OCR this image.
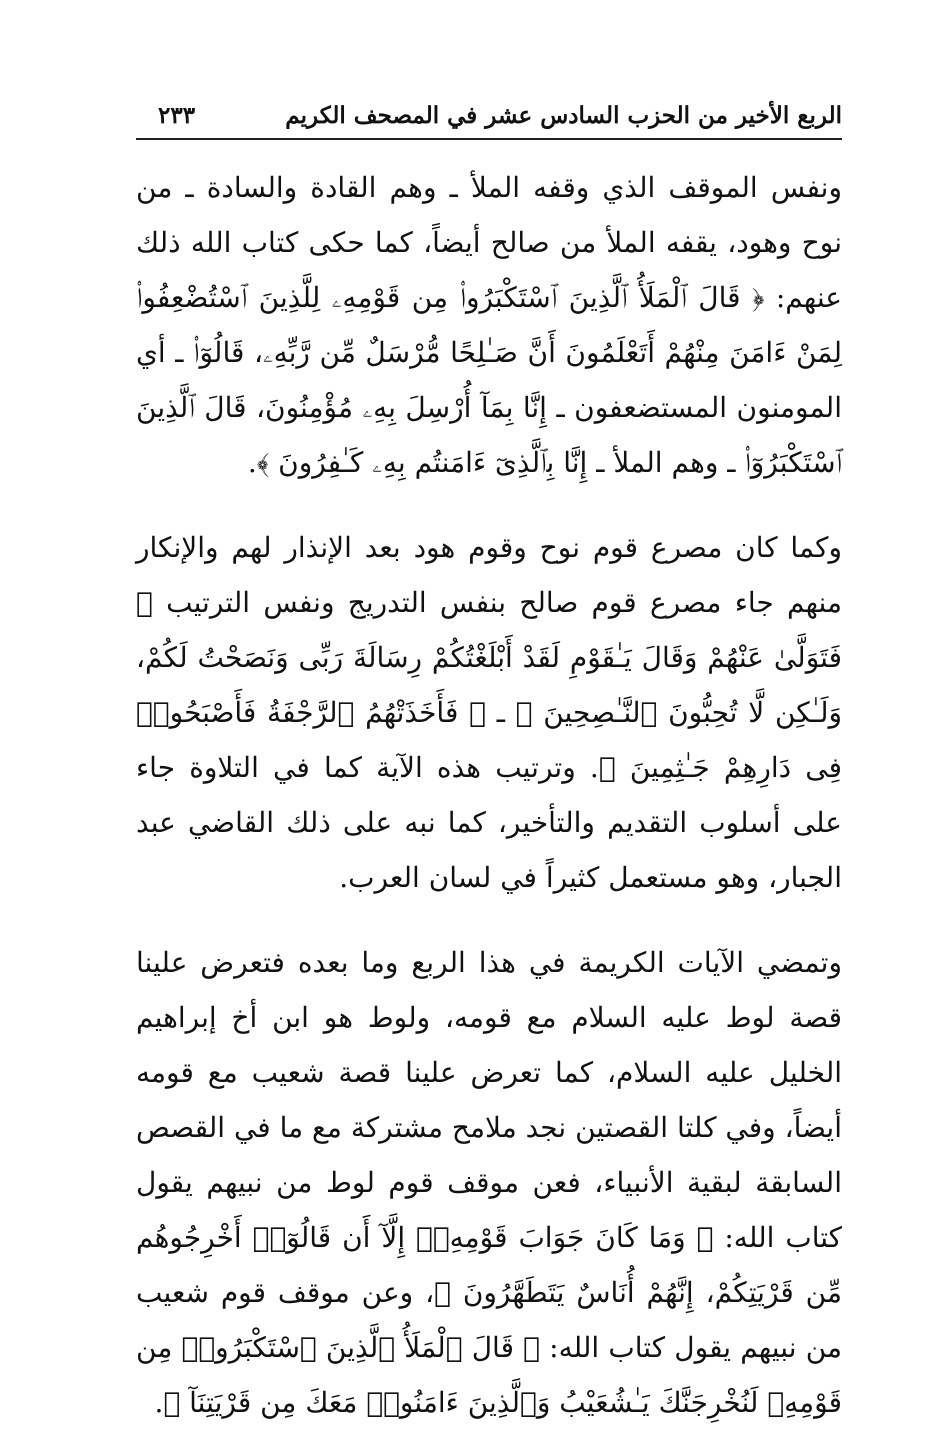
الربع الأخير من الحزب السادس عشر في المصحف الكريم
٢٣٣

ونفس الموقف الذي وقفه الملأ ـ وهم القادة والسادة ـ من نوح وهود، يقفه الملأ من صالح أيضاً، كما حكى كتاب الله ذلك عنهم: ﴿ قَالَ ٱلْمَلَأُ ٱلَّذِينَ ٱسْتَكْبَرُوا۟ مِن قَوْمِهِۦ لِلَّذِينَ ٱسْتُضْعِفُوا۟ لِمَنْ ءَامَنَ مِنْهُمْ أَتَعْلَمُونَ أَنَّ صَـٰلِحًا مُّرْسَلٌ مِّن رَّبِّهِۦ، قَالُوٓا۟ ـ أي المومنون المستضعفون ـ إِنَّا بِمَآ أُرْسِلَ بِهِۦ مُؤْمِنُونَ، قَالَ ٱلَّذِينَ ٱسْتَكْبَرُوٓا۟ ـ وهم الملأ ـ إِنَّا بِٱلَّذِىٓ ءَامَنتُم بِهِۦ كَـٰفِرُونَ ﴾.

وكما كان مصرع قوم نوح وقوم هود بعد الإنذار لهم والإنكار منهم جاء مصرع قوم صالح بنفس التدريج ونفس الترتيب ﴿ فَتَوَلَّىٰ عَنْهُمْ وَقَالَ يَـٰقَوْمِ لَقَدْ أَبْلَغْتُكُمْ رِسَالَةَ رَبِّى وَنَصَحْتُ لَكُمْ، وَلَـٰكِن لَّا تُحِبُّونَ ٱلنَّـٰصِحِينَ ﴾ ـ ﴿ فَأَخَذَتْهُمُ ٱلرَّجْفَةُ فَأَصْبَحُوا۟ فِى دَارِهِمْ جَـٰثِمِينَ ﴾. وترتيب هذه الآية كما في التلاوة جاء على أسلوب التقديم والتأخير، كما نبه على ذلك القاضي عبد الجبار، وهو مستعمل كثيراً في لسان العرب.

وتمضي الآيات الكريمة في هذا الربع وما بعده فتعرض علينا قصة لوط عليه السلام مع قومه، ولوط هو ابن أخ إبراهيم الخليل عليه السلام، كما تعرض علينا قصة شعيب مع قومه أيضاً، وفي كلتا القصتين نجد ملامح مشتركة مع ما في القصص السابقة لبقية الأنبياء، فعن موقف قوم لوط من نبيهم يقول كتاب الله: ﴿ وَمَا كَانَ جَوَابَ قَوْمِهِۦٓ إِلَّآ أَن قَالُوٓا۟ أَخْرِجُوهُم مِّن قَرْيَتِكُمْ، إِنَّهُمْ أُنَاسٌ يَتَطَهَّرُونَ ﴾، وعن موقف قوم شعيب من نبيهم يقول كتاب الله: ﴿ قَالَ ٱلْمَلَأُ ٱلَّذِينَ ٱسْتَكْبَرُوا۟ مِن قَوْمِهِۦ لَنُخْرِجَنَّكَ يَـٰشُعَيْبُ وَٱلَّذِينَ ءَامَنُوا۟ مَعَكَ مِن قَرْيَتِنَآ ﴾.
